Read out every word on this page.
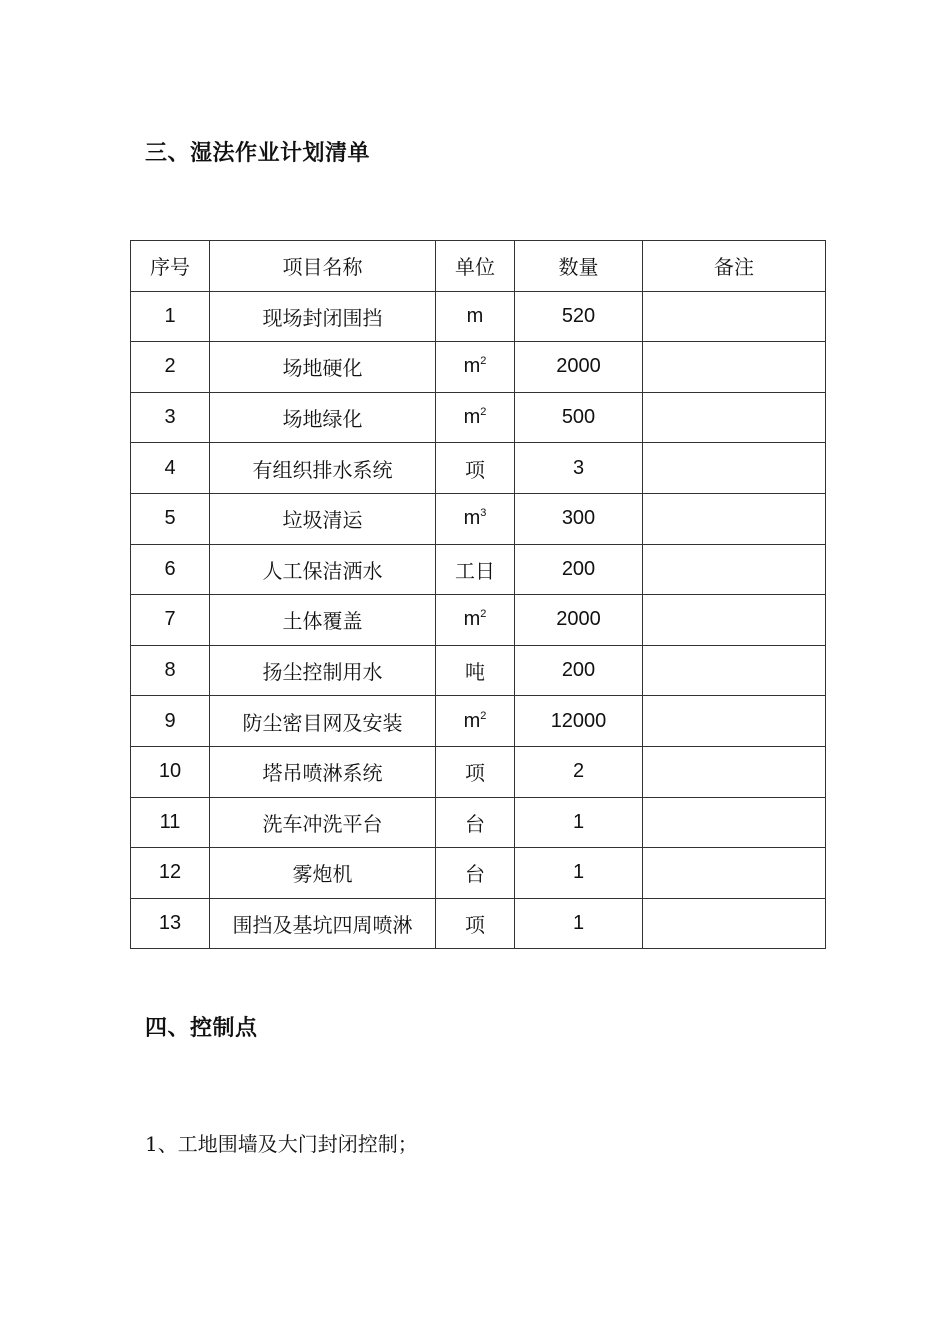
三、湿法作业计划清单
序号	项目名称	单位	数量	备注
1	现场封闭围挡	m	520	
2	场地硬化	$m^2$	2000	
3	场地绿化	$m^2$	500	
4	有组织排水系统	项	3	
5	垃圾清运	$m^3$	300	
6	人工保洁洒水	工日	200	
7	土体覆盖	$m^2$	2000	
8	扬尘控制用水	吨	200	
9	防尘密目网及安装	$m^2$	12000	
10	塔吊喷淋系统	项	2	
11	洗车冲洗平台	台	1	
12	雾炮机	台	1	
13	围挡及基坑四周喷淋	项	1	
四、控制点

1、工地围墙及大门封闭控制；
